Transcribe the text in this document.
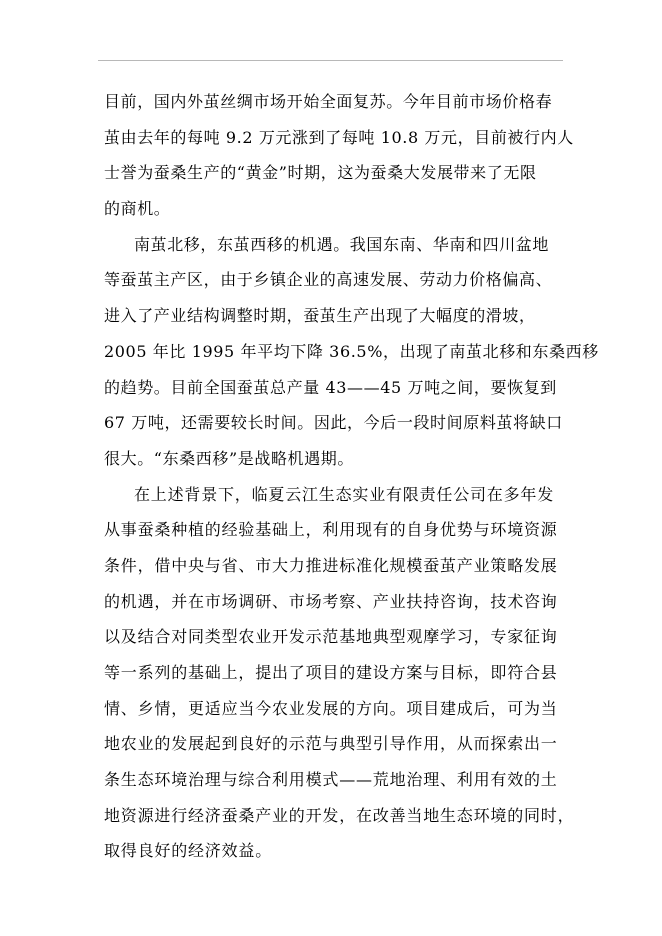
目前，国内外茧丝绸市场开始全面复苏。今年目前市场价格春
茧由去年的每吨 9.2 万元涨到了每吨 10.8 万元，目前被行内人
士誉为蚕桑生产的“黄金”时期，这为蚕桑大发展带来了无限
的商机。
南茧北移，东茧西移的机遇。我国东南、华南和四川盆地
等蚕茧主产区，由于乡镇企业的高速发展、劳动力价格偏高、
进入了产业结构调整时期，蚕茧生产出现了大幅度的滑坡，
2005 年比 1995 年平均下降 36.5%，出现了南茧北移和东桑西移
的趋势。目前全国蚕茧总产量 43——45 万吨之间，要恢复到
67 万吨，还需要较长时间。因此，今后一段时间原料茧将缺口
很大。“东桑西移”是战略机遇期。
在上述背景下，临夏云江生态实业有限责任公司在多年发
从事蚕桑种植的经验基础上，利用现有的自身优势与环境资源
条件，借中央与省、市大力推进标准化规模蚕茧产业策略发展
的机遇，并在市场调研、市场考察、产业扶持咨询，技术咨询
以及结合对同类型农业开发示范基地典型观摩学习，专家征询
等一系列的基础上，提出了项目的建设方案与目标，即符合县
情、乡情，更适应当今农业发展的方向。项目建成后，可为当
地农业的发展起到良好的示范与典型引导作用，从而探索出一
条生态环境治理与综合利用模式——荒地治理、利用有效的土
地资源进行经济蚕桑产业的开发，在改善当地生态环境的同时，
取得良好的经济效益。
